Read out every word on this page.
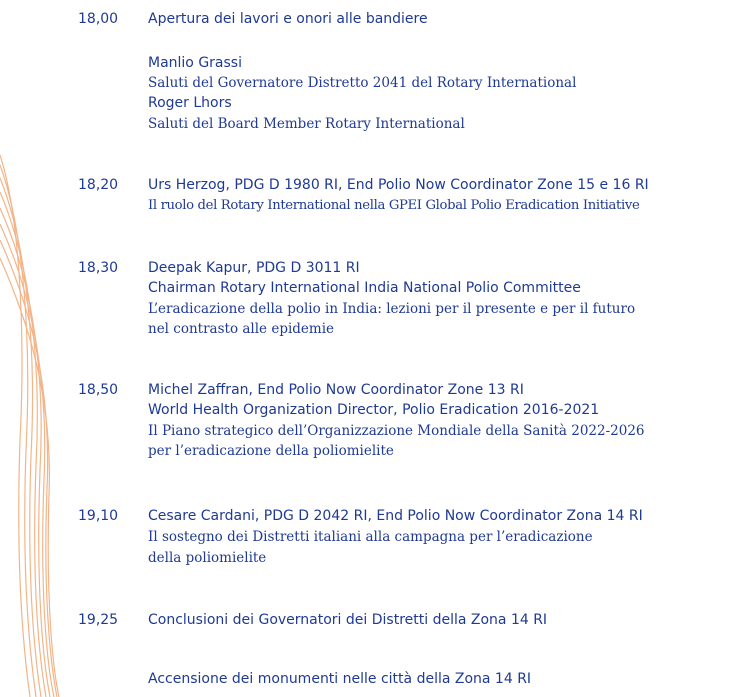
18,00 Apertura dei lavori e onori alle bandiere
Manlio Grassi
Saluti del Governatore Distretto 2041 del Rotary International
Roger Lhors
Saluti del Board Member Rotary International
18,20 Urs Herzog, PDG D 1980 RI, End Polio Now Coordinator Zone 15 e 16 RI
Il ruolo del Rotary International nella GPEI Global Polio Eradication Initiative
18,30 Deepak Kapur, PDG D 3011 RI
Chairman Rotary International India National Polio Committee
L’eradicazione della polio in India: lezioni per il presente e per il futuro
nel contrasto alle epidemie
18,50 Michel Zaffran, End Polio Now Coordinator Zone 13 RI
World Health Organization Director, Polio Eradication 2016-2021
Il Piano strategico dell’Organizzazione Mondiale della Sanità 2022-2026
per l’eradicazione della poliomielite
19,10 Cesare Cardani, PDG D 2042 RI, End Polio Now Coordinator Zona 14 RI
Il sostegno dei Distretti italiani alla campagna per l’eradicazione
della poliomielite
19,25 Conclusioni dei Governatori dei Distretti della Zona 14 RI
Accensione dei monumenti nelle città della Zona 14 RI
